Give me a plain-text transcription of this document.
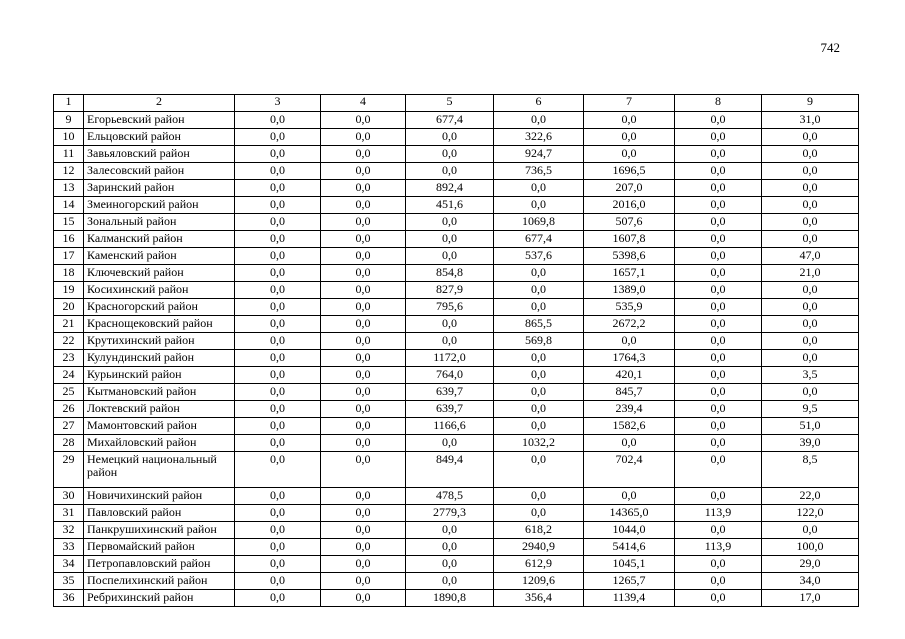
742
1	2	3	4	5	6	7	8	9
9	Егорьевский район	0,0	0,0	677,4	0,0	0,0	0,0	31,0
10	Ельцовский район	0,0	0,0	0,0	322,6	0,0	0,0	0,0
11	Завьяловский район	0,0	0,0	0,0	924,7	0,0	0,0	0,0
12	Залесовский район	0,0	0,0	0,0	736,5	1696,5	0,0	0,0
13	Заринский район	0,0	0,0	892,4	0,0	207,0	0,0	0,0
14	Змеиногорский район	0,0	0,0	451,6	0,0	2016,0	0,0	0,0
15	Зональный район	0,0	0,0	0,0	1069,8	507,6	0,0	0,0
16	Калманский район	0,0	0,0	0,0	677,4	1607,8	0,0	0,0
17	Каменский район	0,0	0,0	0,0	537,6	5398,6	0,0	47,0
18	Ключевский район	0,0	0,0	854,8	0,0	1657,1	0,0	21,0
19	Косихинский район	0,0	0,0	827,9	0,0	1389,0	0,0	0,0
20	Красногорский район	0,0	0,0	795,6	0,0	535,9	0,0	0,0
21	Краснощековский район	0,0	0,0	0,0	865,5	2672,2	0,0	0,0
22	Крутихинский район	0,0	0,0	0,0	569,8	0,0	0,0	0,0
23	Кулундинский район	0,0	0,0	1172,0	0,0	1764,3	0,0	0,0
24	Курьинский район	0,0	0,0	764,0	0,0	420,1	0,0	3,5
25	Кытмановский район	0,0	0,0	639,7	0,0	845,7	0,0	0,0
26	Локтевский район	0,0	0,0	639,7	0,0	239,4	0,0	9,5
27	Мамонтовский район	0,0	0,0	1166,6	0,0	1582,6	0,0	51,0
28	Михайловский район	0,0	0,0	0,0	1032,2	0,0	0,0	39,0
29	Немецкий национальный район	0,0	0,0	849,4	0,0	702,4	0,0	8,5
30	Новичихинский район	0,0	0,0	478,5	0,0	0,0	0,0	22,0
31	Павловский район	0,0	0,0	2779,3	0,0	14365,0	113,9	122,0
32	Панкрушихинский район	0,0	0,0	0,0	618,2	1044,0	0,0	0,0
33	Первомайский район	0,0	0,0	0,0	2940,9	5414,6	113,9	100,0
34	Петропавловский район	0,0	0,0	0,0	612,9	1045,1	0,0	29,0
35	Поспелихинский район	0,0	0,0	0,0	1209,6	1265,7	0,0	34,0
36	Ребрихинский район	0,0	0,0	1890,8	356,4	1139,4	0,0	17,0
